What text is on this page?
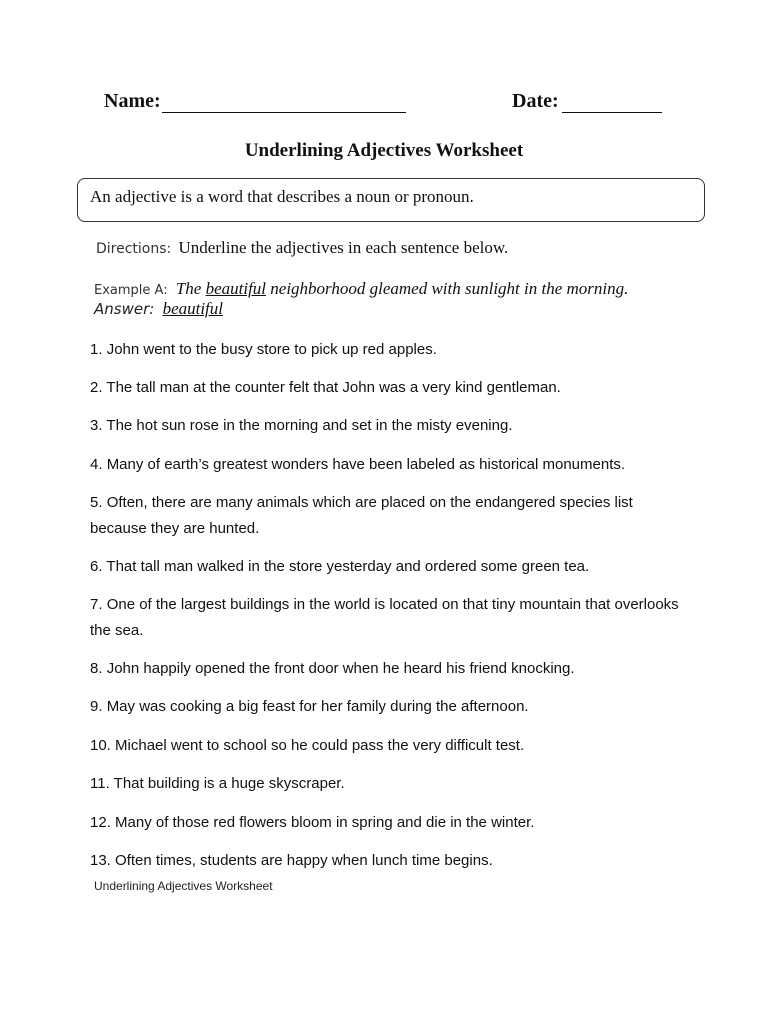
Name:	Date:
Underlining Adjectives Worksheet
An adjective is a word that describes a noun or pronoun.
Directions: Underline the adjectives in each sentence below.
Example A: The beautiful neighborhood gleamed with sunlight in the morning.
Answer: beautiful
1. John went to the busy store to pick up red apples.
2. The tall man at the counter felt that John was a very kind gentleman.
3. The hot sun rose in the morning and set in the misty evening.
4. Many of earth’s greatest wonders have been labeled as historical monuments.
5. Often, there are many animals which are placed on the endangered species list because they are hunted.
6. That tall man walked in the store yesterday and ordered some green tea.
7. One of the largest buildings in the world is located on that tiny mountain that overlooks the sea.
8. John happily opened the front door when he heard his friend knocking.
9. May was cooking a big feast for her family during the afternoon.
10. Michael went to school so he could pass the very difficult test.
11. That building is a huge skyscraper.
12. Many of those red flowers bloom in spring and die in the winter.
13. Often times, students are happy when lunch time begins.
Underlining Adjectives Worksheet
